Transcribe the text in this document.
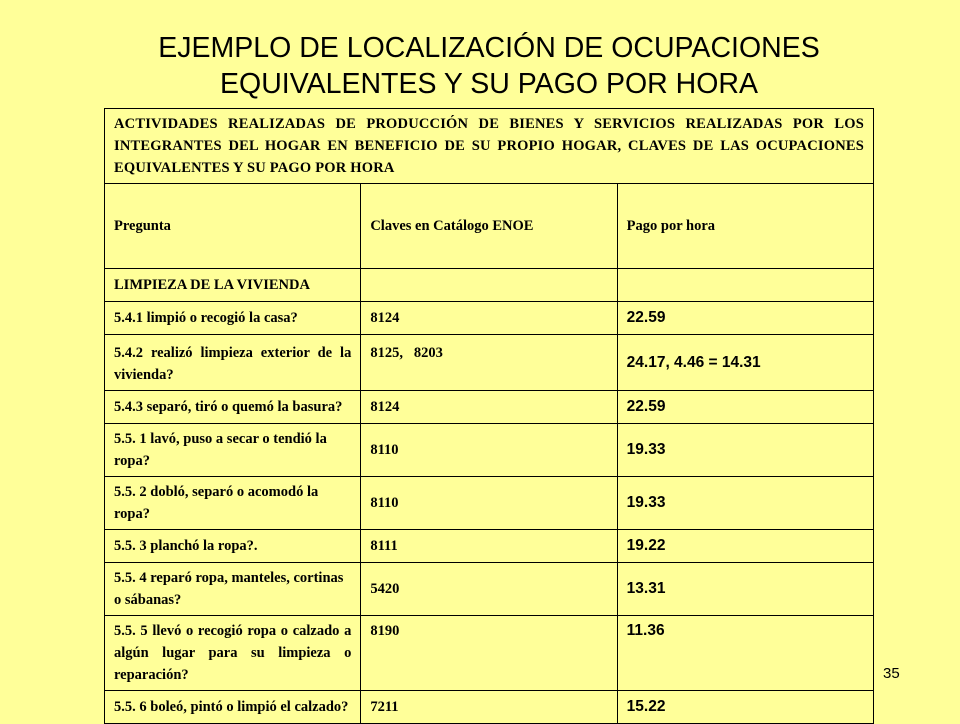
EJEMPLO DE LOCALIZACIÓN DE OCUPACIONES
EQUIVALENTES Y SU PAGO POR HORA
ACTIVIDADES REALIZADAS DE PRODUCCIÓN DE BIENES Y SERVICIOS REALIZADAS POR LOS INTEGRANTES DEL HOGAR EN BENEFICIO DE SU PROPIO HOGAR, CLAVES DE LAS OCUPACIONES EQUIVALENTES Y SU PAGO POR HORA		
Pregunta	Claves en Catálogo ENOE	Pago por hora
LIMPIEZA DE LA VIVIENDA		
5.4.1 limpió o recogió la casa?	8124	22.59
5.4.2 realizó limpieza exterior de la vivienda?	8125,   8203	24.17, 4.46 = 14.31
5.4.3 separó, tiró o quemó la basura?	8124	22.59
5.5. 1 lavó, puso a secar o tendió la ropa?	8110	19.33
5.5. 2 dobló, separó o acomodó la ropa?	8110	19.33
5.5. 3 planchó la ropa?.	8111	19.22
5.5. 4 reparó ropa, manteles, cortinas o sábanas?	5420	13.31
5.5. 5 llevó o recogió ropa o calzado a algún lugar para su limpieza o reparación?	8190	11.36
5.5. 6 boleó, pintó o limpió el calzado?	7211	15.22
35
